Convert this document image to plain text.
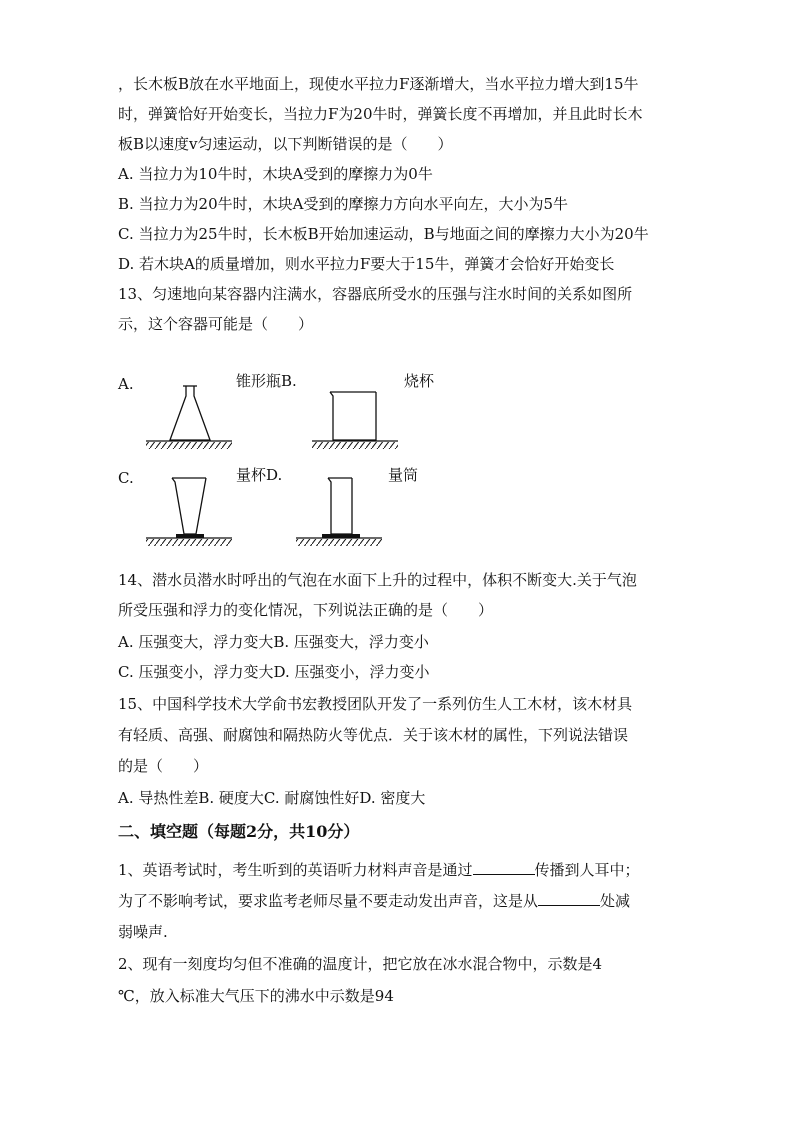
，长木板B放在水平地面上，现使水平拉力F逐渐增大，当水平拉力增大到15牛
时，弹簧恰好开始变长，当拉力F为20牛时，弹簧长度不再增加，并且此时长木
板B以速度v匀速运动，以下判断错误的是（　　）
A. 当拉力为10牛时，木块A受到的摩擦力为0牛
B. 当拉力为20牛时，木块A受到的摩擦力方向水平向左，大小为5牛
C. 当拉力为25牛时，长木板B开始加速运动，B与地面之间的摩擦力大小为20牛
D. 若木块A的质量增加，则水平拉力F要大于15牛，弹簧才会恰好开始变长
13、匀速地向某容器内注满水，容器底所受水的压强与注水时间的关系如图所
示，这个容器可能是（　　）
A.	锥形瓶B.	烧杯
C.	量杯D.	量筒
14、潜水员潜水时呼出的气泡在水面下上升的过程中，体积不断变大.关于气泡
所受压强和浮力的变化情况，下列说法正确的是（　　）
A. 压强变大，浮力变大B. 压强变大，浮力变小
C. 压强变小，浮力变大D. 压强变小，浮力变小
15、中国科学技术大学俞书宏教授团队开发了一系列仿生人工木材，该木材具
有轻质、高强、耐腐蚀和隔热防火等优点．关于该木材的属性，下列说法错误
的是（　　）
A. 导热性差B. 硬度大C. 耐腐蚀性好D. 密度大
二、填空题（每题2分，共10分）
1、英语考试时，考生听到的英语听力材料声音是通过	传播到人耳中；
为了不影响考试，要求监考老师尽量不要走动发出声音，这是从	处减
弱噪声.
2、现有一刻度均匀但不准确的温度计，把它放在冰水混合物中，示数是4
℃，放入标准大气压下的沸水中示数是94
